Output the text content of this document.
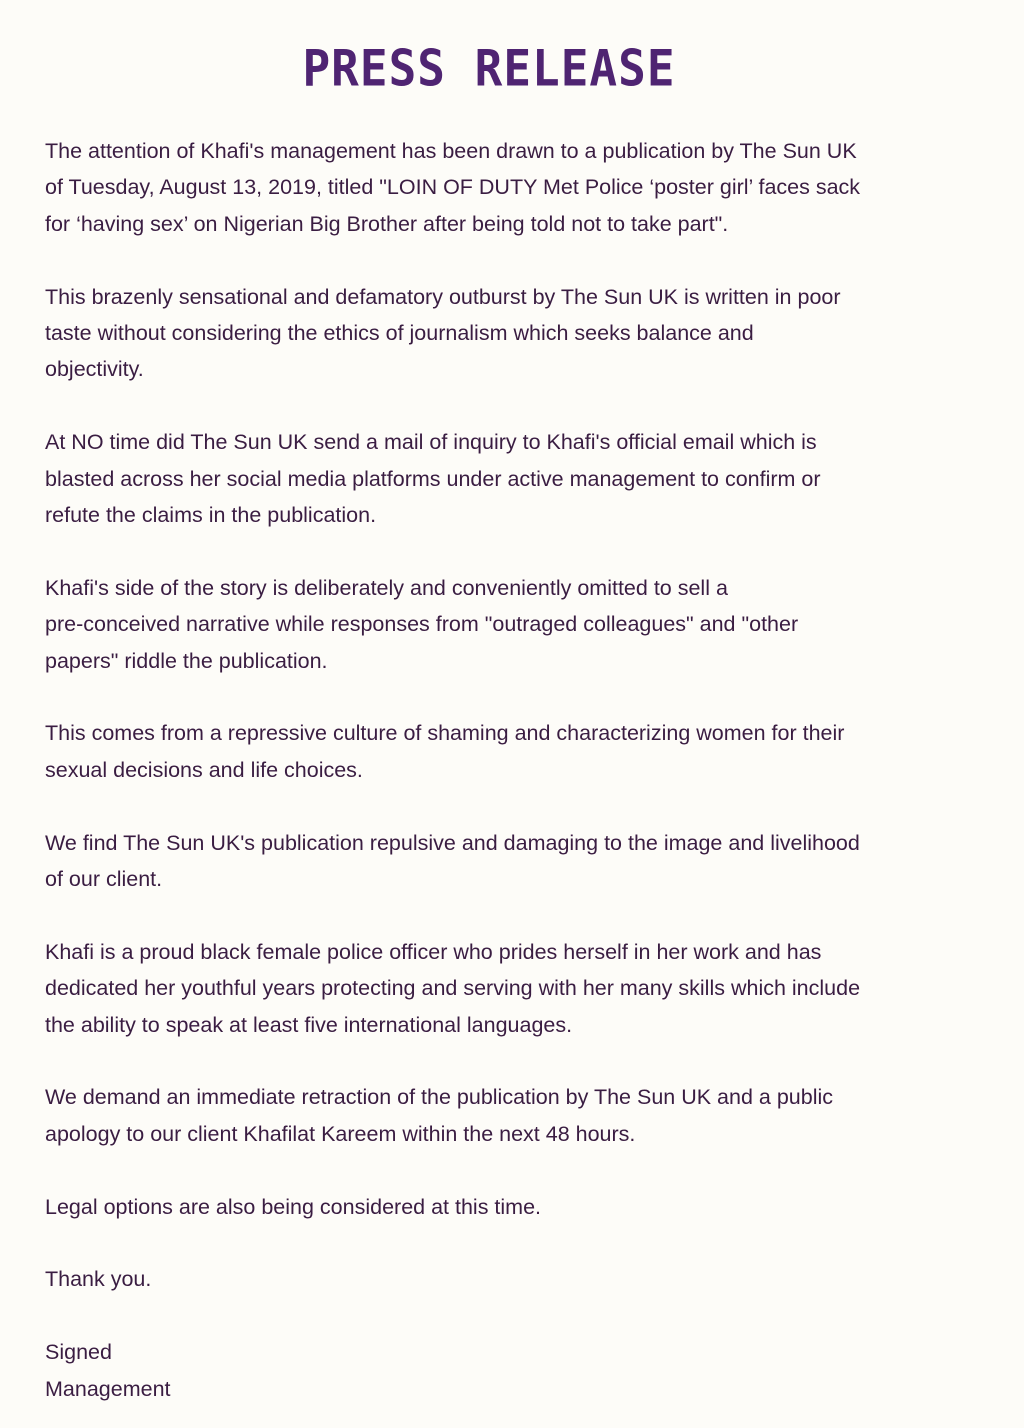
PRESS RELEASE

The attention of Khafi's management has been drawn to a publication by The Sun UK
of Tuesday, August 13, 2019, titled "LOIN OF DUTY Met Police ‘poster girl’ faces sack
for ‘having sex’ on Nigerian Big Brother after being told not to take part".

This brazenly sensational and defamatory outburst by The Sun UK is written in poor
taste without considering the ethics of journalism which seeks balance and
objectivity.

At NO time did The Sun UK send a mail of inquiry to Khafi's official email which is
blasted across her social media platforms under active management to confirm or
refute the claims in the publication.

Khafi's side of the story is deliberately and conveniently omitted to sell a
pre-conceived narrative while responses from "outraged colleagues" and "other
papers" riddle the publication.

This comes from a repressive culture of shaming and characterizing women for their
sexual decisions and life choices.

We find The Sun UK's publication repulsive and damaging to the image and livelihood
of our client.

Khafi is a proud black female police officer who prides herself in her work and has
dedicated her youthful years protecting and serving with her many skills which include
the ability to speak at least five international languages.

We demand an immediate retraction of the publication by The Sun UK and a public
apology to our client Khafilat Kareem within the next 48 hours.

Legal options are also being considered at this time.

Thank you.

Signed

Management
